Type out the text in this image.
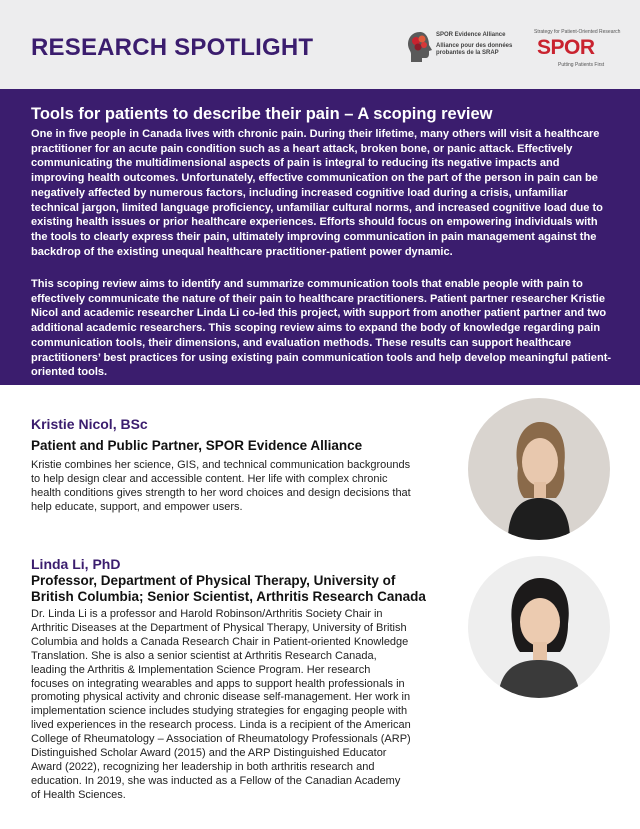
RESEARCH SPOTLIGHT	SPOR Evidence Alliance
Alliance pour des données
probantes de la SRAP
Strategy for Patient-Oriented Research
SPOR
Putting Patients First
Tools for patients to describe their pain – A scoping review

One in five people in Canada lives with chronic pain. During their lifetime, many others will visit a healthcare practitioner for an acute pain condition such as a heart attack, broken bone, or panic attack. Effectively communicating the multidimensional aspects of pain is integral to reducing its negative impacts and improving health outcomes. Unfortunately, effective communication on the part of the person in pain can be negatively affected by numerous factors, including increased cognitive load during a crisis, unfamiliar technical jargon, limited language proficiency, unfamiliar cultural norms, and increased cognitive load due to existing health issues or prior healthcare experiences. Efforts should focus on empowering individuals with the tools to clearly express their pain, ultimately improving communication in pain management against the backdrop of the existing unequal healthcare practitioner-patient power dynamic.

This scoping review aims to identify and summarize communication tools that enable people with pain to effectively communicate the nature of their pain to healthcare practitioners. Patient partner researcher Kristie Nicol and academic researcher Linda Li co-led this project, with support from another patient partner and two additional academic researchers. This scoping review aims to expand the body of knowledge regarding pain communication tools, their dimensions, and evaluation methods. These results can support healthcare practitioners’ best practices for using existing pain communication tools and help develop meaningful patient-oriented tools.

Kristie Nicol, BSc
Patient and Public Partner, SPOR Evidence Alliance

Kristie combines her science, GIS, and technical communication backgrounds to help design clear and accessible content. Her life with complex chronic health conditions gives strength to her word choices and design decisions that help educate, support, and empower users.

Linda Li, PhD
Professor, Department of Physical Therapy, University of British Columbia; Senior Scientist, Arthritis Research Canada

Dr. Linda Li is a professor and Harold Robinson/Arthritis Society Chair in Arthritic Diseases at the Department of Physical Therapy, University of British Columbia and holds a Canada Research Chair in Patient-oriented Knowledge Translation. She is also a senior scientist at Arthritis Research Canada, leading the Arthritis & Implementation Science Program. Her research focuses on integrating wearables and apps to support health professionals in promoting physical activity and chronic disease self-management. Her work in implementation science includes studying strategies for engaging people with lived experiences in the research process. Linda is a recipient of the American College of Rheumatology – Association of Rheumatology Professionals (ARP) Distinguished Scholar Award (2015) and the ARP Distinguished Educator Award (2022), recognizing her leadership in both arthritis research and education. In 2019, she was inducted as a Fellow of the Canadian Academy of Health Sciences.
